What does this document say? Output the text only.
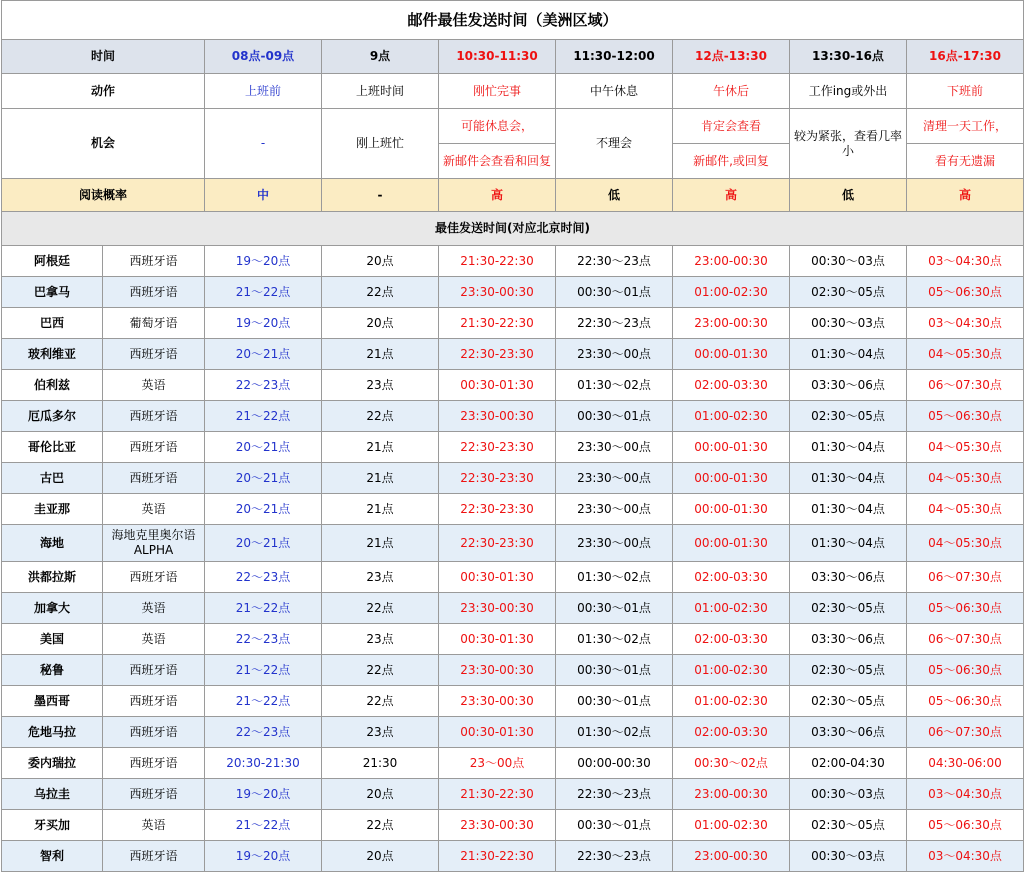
邮件最佳发送时间（美洲区域）								
时间		08点-09点	9点	10:30-11:30	11:30-12:00	12点-13:30	13:30-16点	16点-17:30
动作		上班前	上班时间	刚忙完事	中午休息	午休后	工作ing或外出	下班前
机会		-	刚上班忙	可能休息会，	不理会	肯定会查看	较为紧张，查看几率小	清理一天工作，
				新邮件会查看和回复		新邮件,或回复		看有无遗漏
阅读概率		中	-	高	低	高	低	高
最佳发送时间(对应北京时间)								
阿根廷	西班牙语	19～20点	20点	21:30-22:30	22:30～23点	23:00-00:30	00:30～03点	03～04:30点
巴拿马	西班牙语	21～22点	22点	23:30-00:30	00:30～01点	01:00-02:30	02:30～05点	05～06:30点
巴西	葡萄牙语	19～20点	20点	21:30-22:30	22:30～23点	23:00-00:30	00:30～03点	03～04:30点
玻利维亚	西班牙语	20～21点	21点	22:30-23:30	23:30～00点	00:00-01:30	01:30～04点	04～05:30点
伯利兹	英语	22～23点	23点	00:30-01:30	01:30～02点	02:00-03:30	03:30～06点	06～07:30点
厄瓜多尔	西班牙语	21～22点	22点	23:30-00:30	00:30～01点	01:00-02:30	02:30～05点	05～06:30点
哥伦比亚	西班牙语	20～21点	21点	22:30-23:30	23:30～00点	00:00-01:30	01:30～04点	04～05:30点
古巴	西班牙语	20～21点	21点	22:30-23:30	23:30～00点	00:00-01:30	01:30～04点	04～05:30点
圭亚那	英语	20～21点	21点	22:30-23:30	23:30～00点	00:00-01:30	01:30～04点	04～05:30点
海地	海地克里奥尔语ALPHA	20～21点	21点	22:30-23:30	23:30～00点	00:00-01:30	01:30～04点	04～05:30点
洪都拉斯	西班牙语	22～23点	23点	00:30-01:30	01:30～02点	02:00-03:30	03:30～06点	06～07:30点
加拿大	英语	21～22点	22点	23:30-00:30	00:30～01点	01:00-02:30	02:30～05点	05～06:30点
美国	英语	22～23点	23点	00:30-01:30	01:30～02点	02:00-03:30	03:30～06点	06～07:30点
秘鲁	西班牙语	21～22点	22点	23:30-00:30	00:30～01点	01:00-02:30	02:30～05点	05～06:30点
墨西哥	西班牙语	21～22点	22点	23:30-00:30	00:30～01点	01:00-02:30	02:30～05点	05～06:30点
危地马拉	西班牙语	22～23点	23点	00:30-01:30	01:30～02点	02:00-03:30	03:30～06点	06～07:30点
委内瑞拉	西班牙语	20:30-21:30	21:30	23～00点	00:00-00:30	00:30～02点	02:00-04:30	04:30-06:00
乌拉圭	西班牙语	19～20点	20点	21:30-22:30	22:30～23点	23:00-00:30	00:30～03点	03～04:30点
牙买加	英语	21～22点	22点	23:30-00:30	00:30～01点	01:00-02:30	02:30～05点	05～06:30点
智利	西班牙语	19～20点	20点	21:30-22:30	22:30～23点	23:00-00:30	00:30～03点	03～04:30点
